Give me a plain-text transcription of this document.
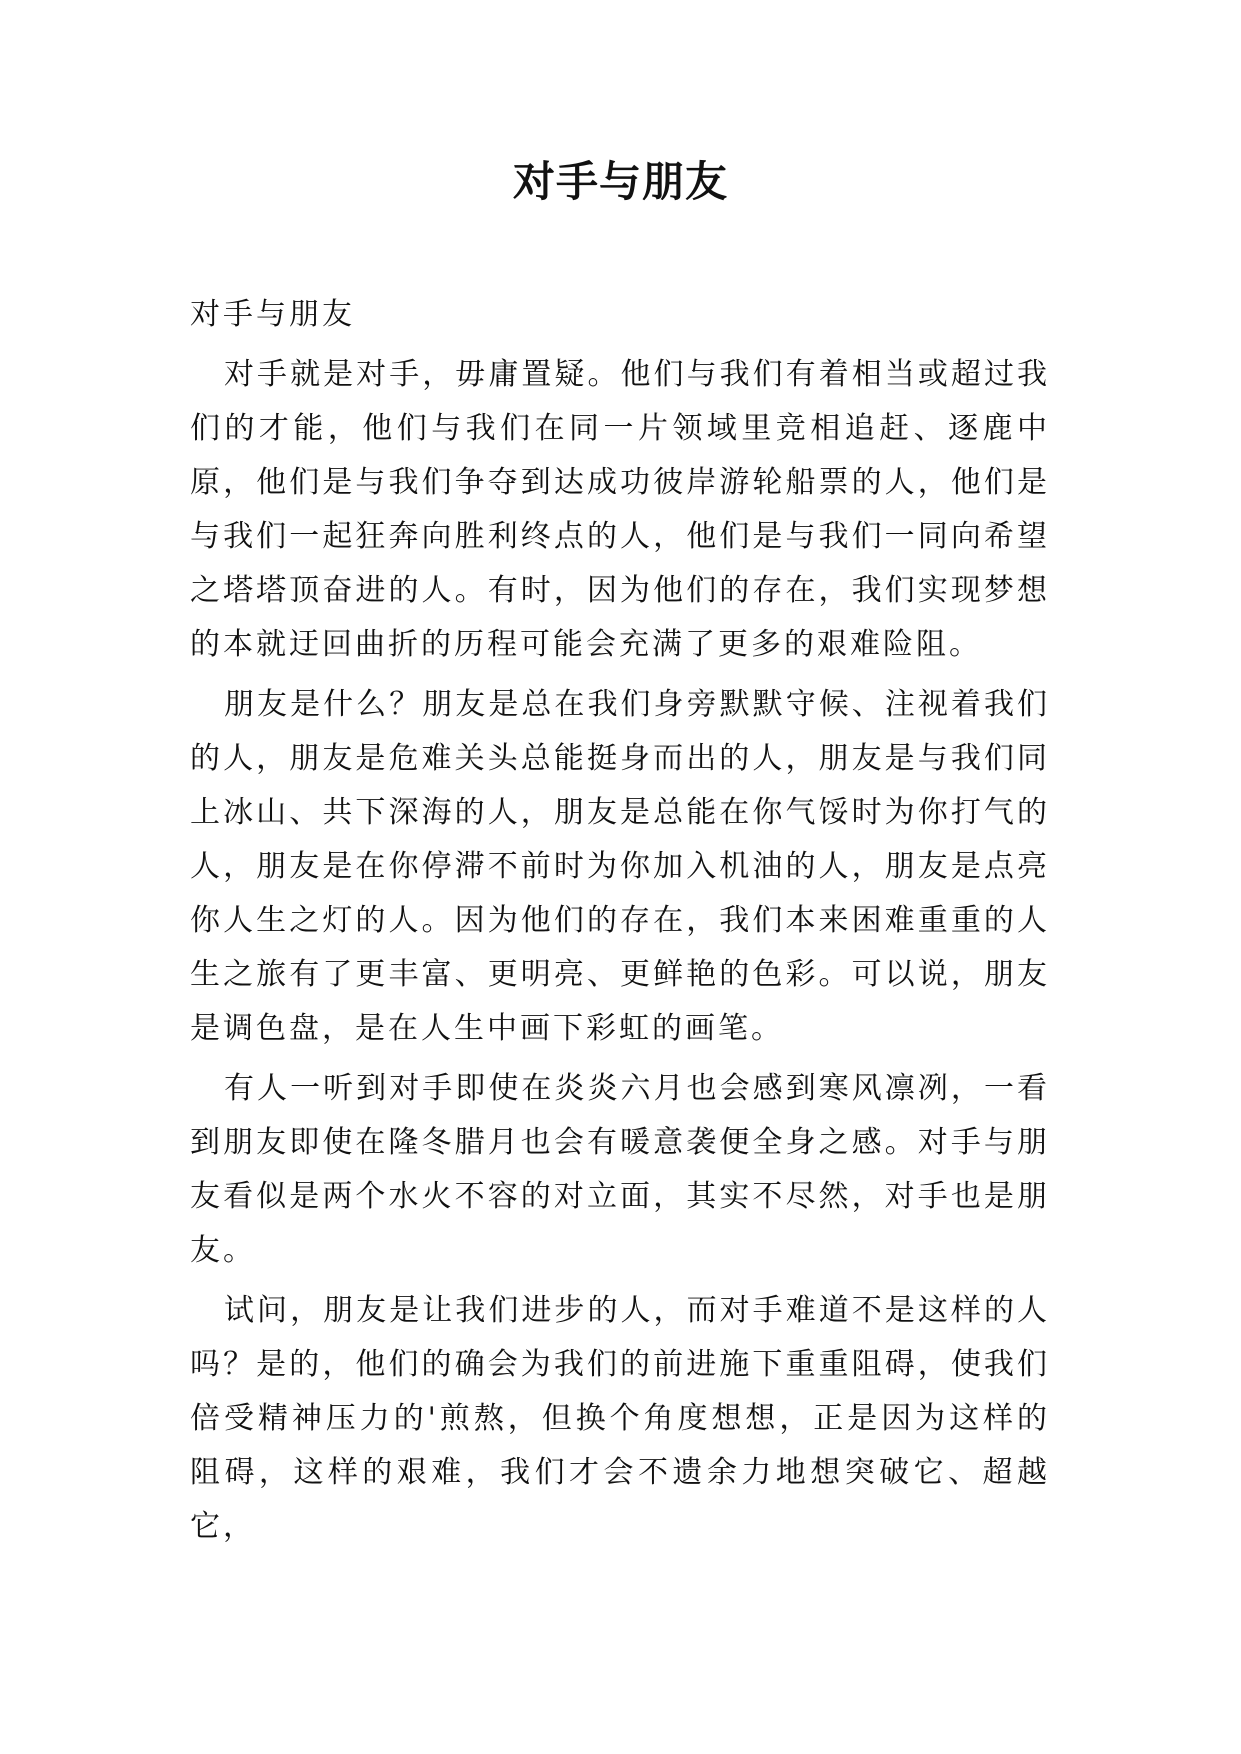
对手与朋友

对手与朋友

对手就是对手，毋庸置疑。他们与我们有着相当或超过我们的才能，他们与我们在同一片领域里竞相追赶、逐鹿中原，他们是与我们争夺到达成功彼岸游轮船票的人，他们是与我们一起狂奔向胜利终点的人，他们是与我们一同向希望之塔塔顶奋进的人。有时，因为他们的存在，我们实现梦想的本就迂回曲折的历程可能会充满了更多的艰难险阻。

朋友是什么？朋友是总在我们身旁默默守候、注视着我们的人，朋友是危难关头总能挺身而出的人，朋友是与我们同上冰山、共下深海的人，朋友是总能在你气馁时为你打气的人，朋友是在你停滞不前时为你加入机油的人，朋友是点亮你人生之灯的人。因为他们的存在，我们本来困难重重的人生之旅有了更丰富、更明亮、更鲜艳的色彩。可以说，朋友是调色盘，是在人生中画下彩虹的画笔。

有人一听到对手即使在炎炎六月也会感到寒风凛冽，一看到朋友即使在隆冬腊月也会有暖意袭便全身之感。对手与朋友看似是两个水火不容的对立面，其实不尽然，对手也是朋友。

试问，朋友是让我们进步的人，而对手难道不是这样的人吗？是的，他们的确会为我们的前进施下重重阻碍，使我们倍受精神压力的'煎熬，但换个角度想想，正是因为这样的阻碍，这样的艰难，我们才会不遗余力地想突破它、超越它，
